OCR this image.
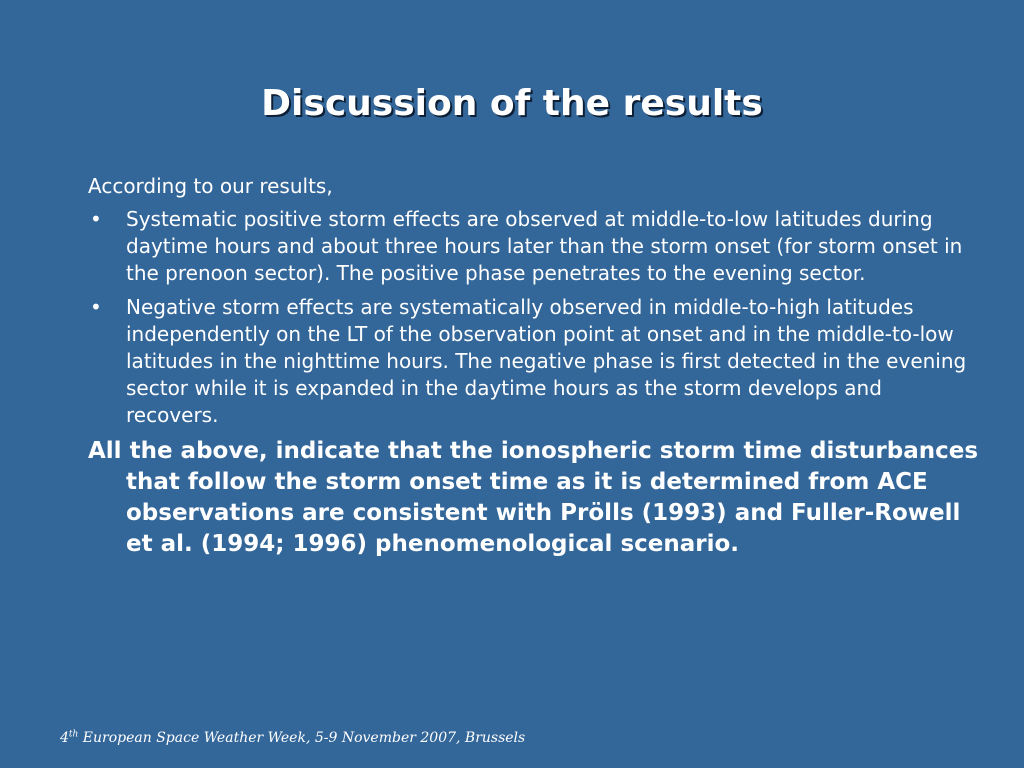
Discussion of the results

According to our results,

• Systematic positive storm effects are observed at middle-to-low latitudes during daytime hours and about three hours later than the storm onset (for storm onset in the prenoon sector). The positive phase penetrates to the evening sector.
• Negative storm effects are systematically observed in middle-to-high latitudes independently on the LT of the observation point at onset and in the middle-to-low latitudes in the nighttime hours. The negative phase is first detected in the evening sector while it is expanded in the daytime hours as the storm develops and recovers.

All the above, indicate that the ionospheric storm time disturbances that follow the storm onset time as it is determined from ACE observations are consistent with Prölls (1993) and Fuller-Rowell et al. (1994; 1996) phenomenological scenario.

4th European Space Weather Week, 5-9 November 2007, Brussels
